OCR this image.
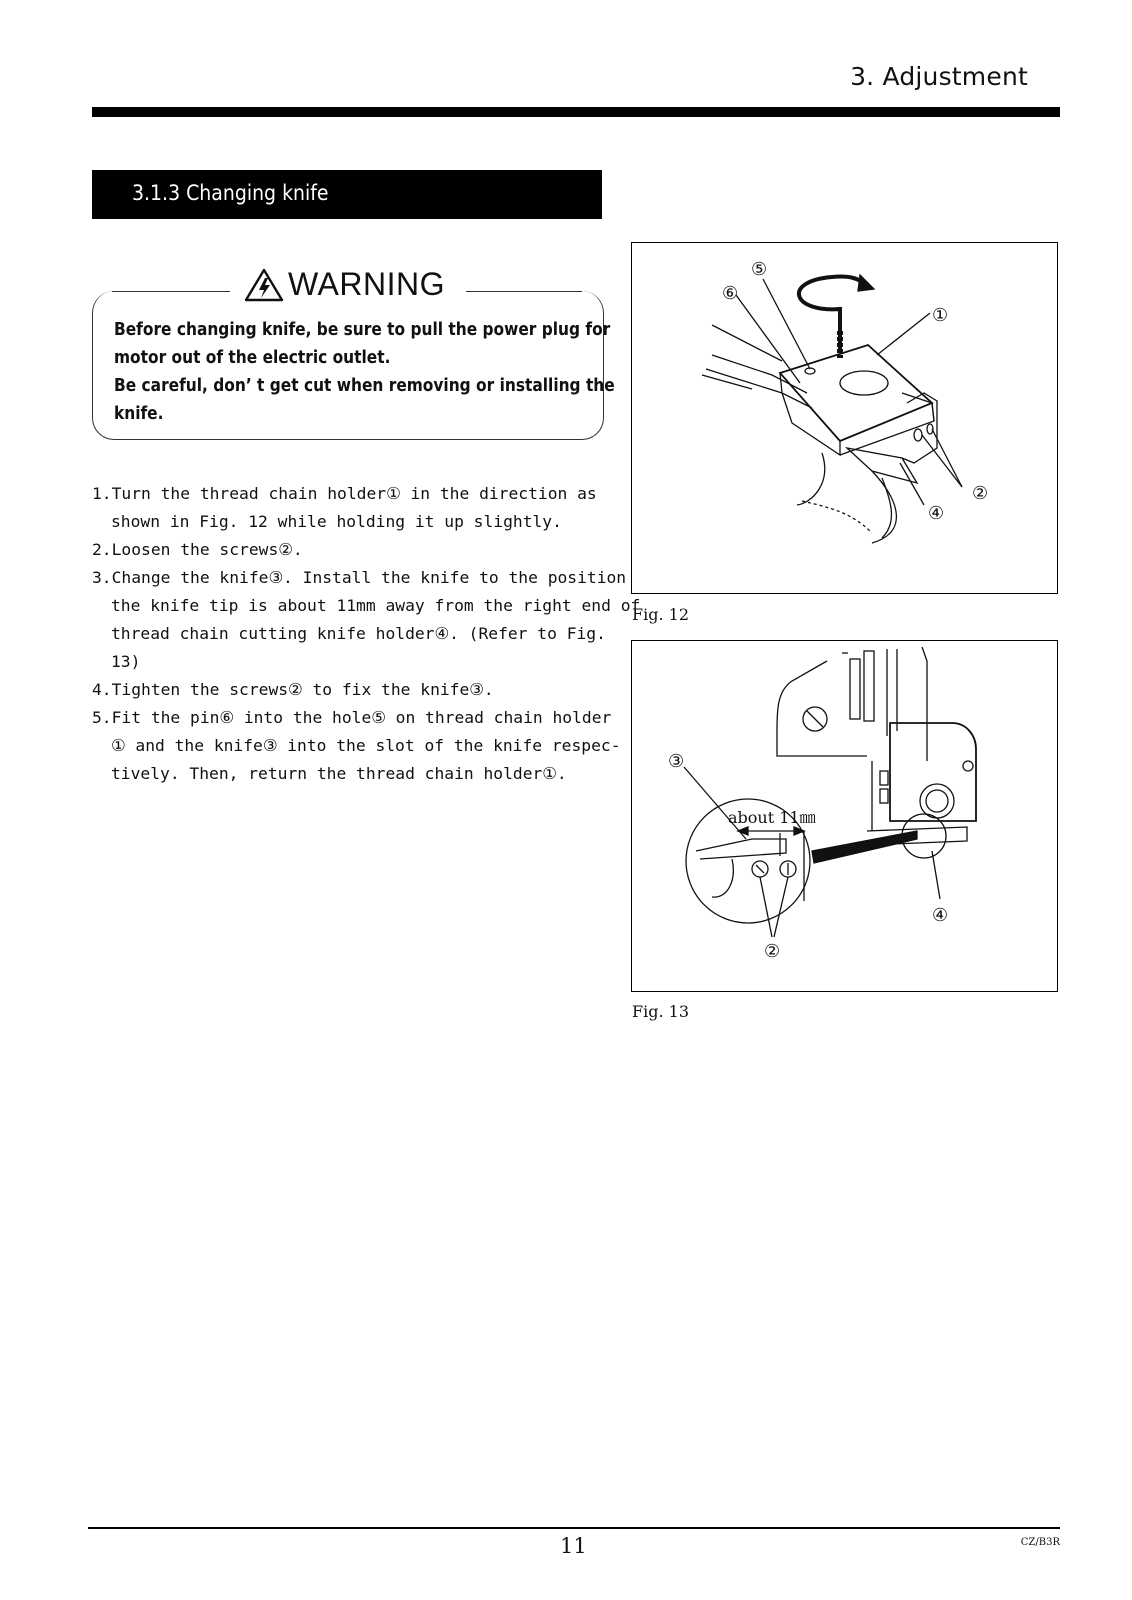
3. Adjustment
3.1.3 Changing knife
WARNING
Before changing knife, be sure to pull the power plug for
motor out of the electric outlet.
Be careful, don’ t get cut when removing or installing the
knife.
1.Turn the thread chain holder① in the direction as
shown in Fig. 12 while holding it up slightly.
2.Loosen the screws②.
3.Change the knife③. Install the knife to the position
the knife tip is about 11mm away from the right end of
thread chain cutting knife holder④. (Refer to Fig.
13)
4.Tighten the screws② to fix the knife③.
5.Fit the pin⑥ into the hole⑤ on thread chain holder
① and the knife③ into the slot of the knife respec-
tively. Then, return the thread chain holder①.
⑤
⑥
①
②
④
Fig. 12
③
④
②
about 11㎜
Fig. 13
11	CZ/B3R
